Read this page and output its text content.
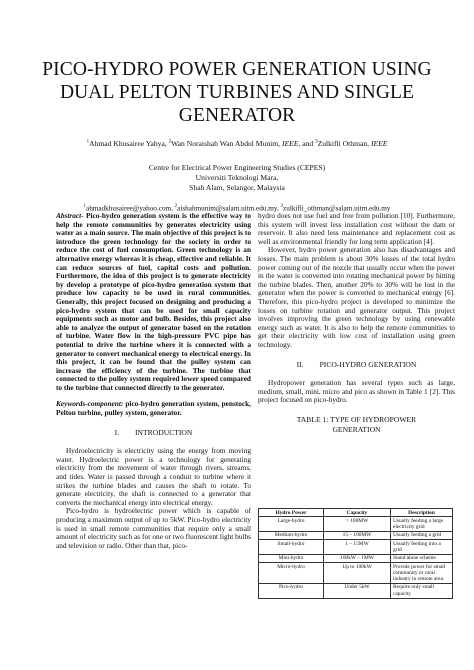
PICO-HYDRO POWER GENERATION USING
DUAL PELTON TURBINES AND SINGLE
GENERATOR
$^1$Ahmad Khusairee Yahya, $^2$Wan Noraishah Wan Abdul Munim, IEEE, and $^3$Zulkifli Othman, IEEE
Centre for Electrical Power Engineering Studies (CEPES)
Universiti Teknologi Mara,
Shah Alam, Selangor, Malaysia
$^1$ahmadkhusairee@yahoo.com, $^2$aishahmunim@salam.uitm.edu.my, $^3$zulkifli_othman@salam.uitm.edu.my

Abstract- Pico-hydro generation system is the effective way to help the remote communities by generates electricity using water as a main source. The main objective of this project is to introduce the green technology for the society in order to reduce the cost of fuel consumption. Green technology is an alternative energy whereas it is cheap, effective and reliable. It can reduce sources of fuel, capital costs and pollution. Furthermore, the idea of this project is to generate electricity by develop a prototype of pico-hydro generation system that produce low capacity to be used in rural communities. Generally, this project focused on designing and producing a pico-hydro system that can be used for small capacity equipments such as motor and bulb. Besides, this project also able to analyze the output of generator based on the rotation of turbine. Water flow in the high-pressure PVC pipe has potential to drive the turbine where it is connected with a generator to convert mechanical energy to electrical energy. In this project, it can be found that the pulley system can increase the efficiency of the turbine. The turbine that connected to the pulley system required lower speed compared to the turbine that connected directly to the generator.

Keywords-component: pico-hydro generation system, penstock, Pelton turbine, pulley system, generator.

I. INTRODUCTION

Hydroelectricity is electricity using the energy from moving water. Hydroelectric power is a technology for generating electricity from the movement of water through rivers, streams, and tides. Water is passed through a conduit to turbine where it strikes the turbine blades and causes the shaft to rotate. To generate electricity, the shaft is connected to a generator that converts the mechanical energy into electrical energy.

Pico-hydro is hydroelectric power which is capable of producing a maximum output of up to 5kW. Pico-hydro electricity is used in small remote communities that require only a small amount of electricity such as for one or two fluorescent light bulbs and television or radio. Other than that, pico-

hydro does not use fuel and free from pollution [10]. Furthermore, this system will invest less installation cost without the dam or reservoir. It also need less maintenance and replacement cost as well as environmental friendly for long term application [4].

However, hydro power generation also has disadvantages and losses. The main problem is about 30% losses of the total hydro power coming out of the nozzle that usually occur when the power in the water is converted into rotating mechanical power by hitting the turbine blades. Then, another 20% to 30% will be lost in the generator when the power is converted to mechanical energy [6]. Therefore, this pico-hydro project is developed to minimize the losses on turbine rotation and generator output. This project involves improving the green technology by using renewable energy such as water. It is also to help the remote communities to get their electricity with low cost of installation using green technology.

II. PICO-HYDRO GENERATION

Hydropower generation has several types such as large, medium, small, mini, micro and pico as shown in Table 1 [2]. This project focused on pico-hydro.

TABLE 1: TYPE OF HYDROPOWER

GENERATION

Hydro Power	Capacity	Description
Large-hydro	> 100MW	Usually feeding a large electricity grid
Medium-hydro	15 – 100MW	Usually feeding a grid
Small-hydro	1 – 15MW	Usually feeding into a grid
Mini-hydro	100kW – 1MW	Stand alone scheme
Micro-hydro	Up to 100kW	Provide power for small community or rural industry in remote area.
Pico-hydro	Under 5kW	Require only small capacity
